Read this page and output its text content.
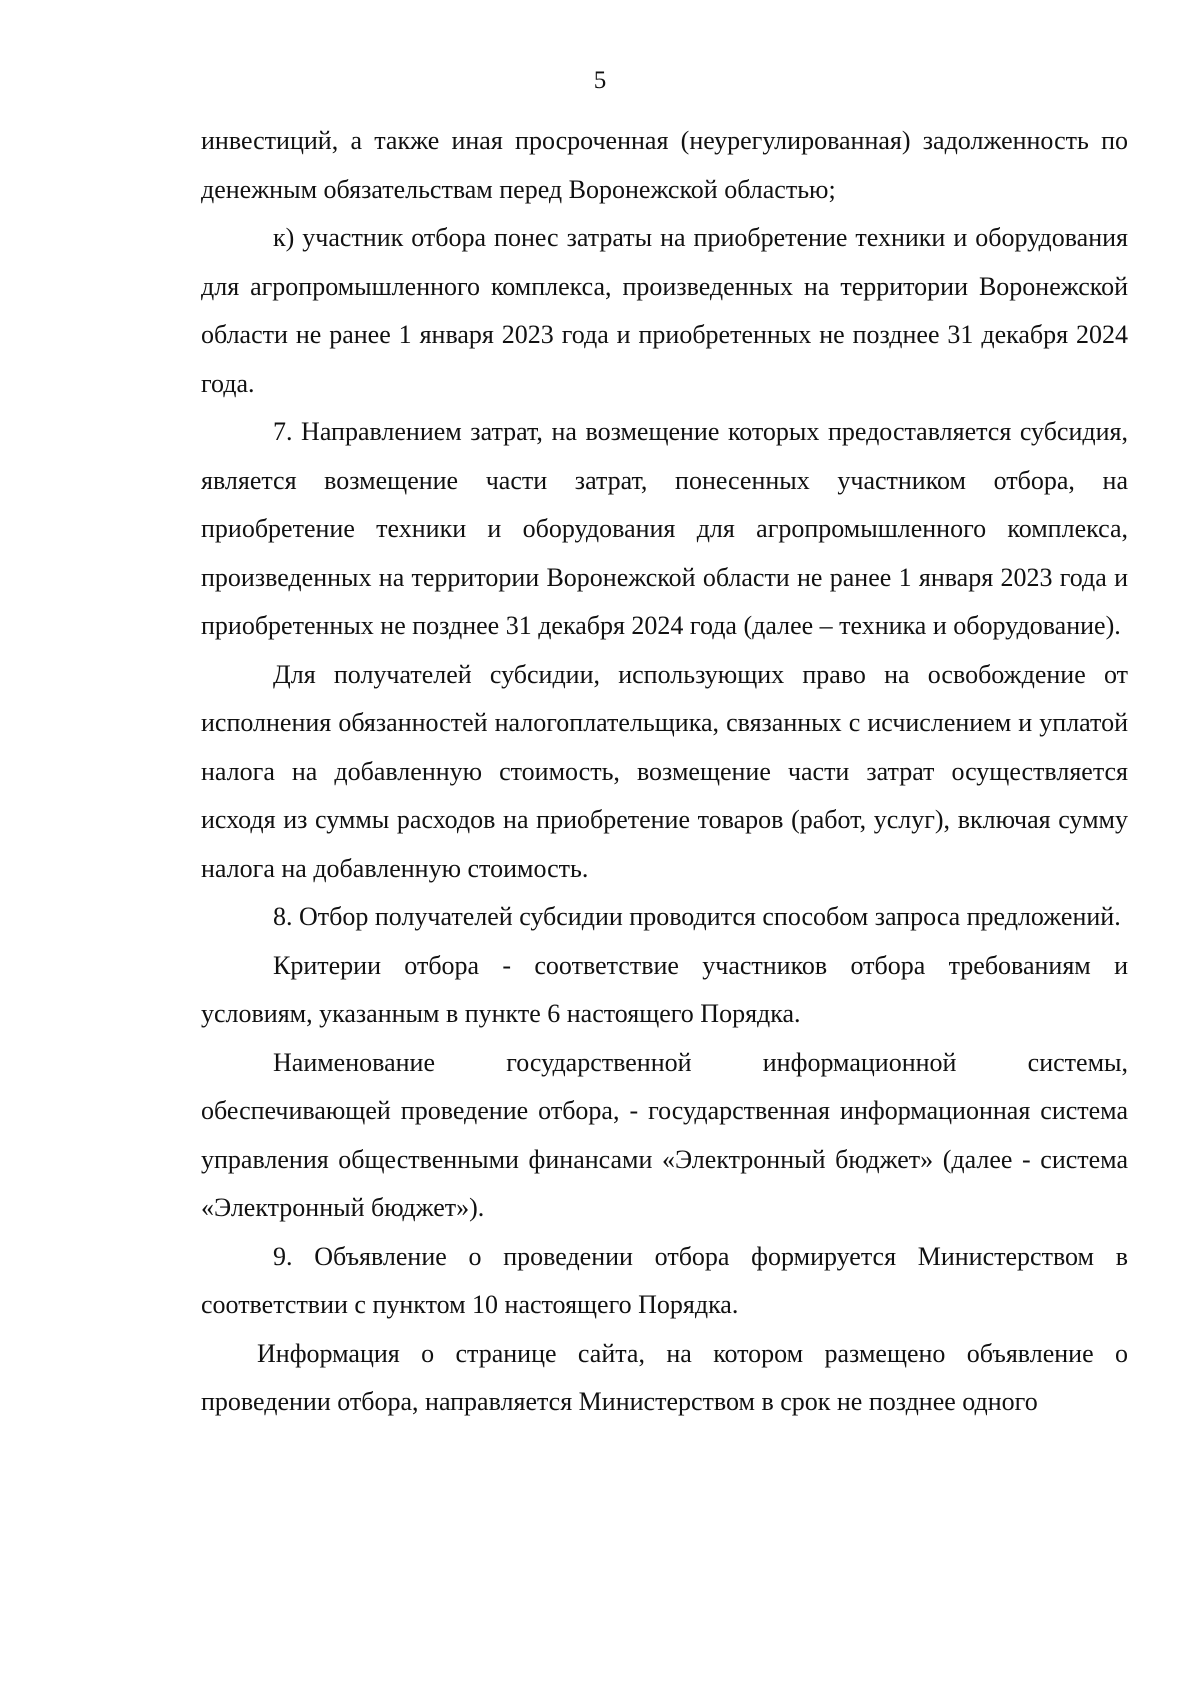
5

инвестиций, а также иная просроченная (неурегулированная) задолженность по денежным обязательствам перед Воронежской областью;

к) участник отбора понес затраты на приобретение техники и оборудования для агропромышленного комплекса, произведенных на территории Воронежской области не ранее 1 января 2023 года и приобретенных не позднее 31 декабря 2024 года.

7. Направлением затрат, на возмещение которых предоставляется субсидия, является возмещение части затрат, понесенных участником отбора, на приобретение техники и оборудования для агропромышленного комплекса, произведенных на территории Воронежской области не ранее 1 января 2023 года и приобретенных не позднее 31 декабря 2024 года (далее – техника и оборудование).

Для получателей субсидии, использующих право на освобождение от исполнения обязанностей налогоплательщика, связанных с исчислением и уплатой налога на добавленную стоимость, возмещение части затрат осуществляется исходя из суммы расходов на приобретение товаров (работ, услуг), включая сумму налога на добавленную стоимость.

8. Отбор получателей субсидии проводится способом запроса предложений.

Критерии отбора - соответствие участников отбора требованиям и условиям, указанным в пункте 6 настоящего Порядка.

Наименование государственной информационной системы, обеспечивающей проведение отбора, - государственная информационная система управления общественными финансами «Электронный бюджет» (далее - система «Электронный бюджет»).

9. Объявление о проведении отбора формируется Министерством в соответствии с пунктом 10 настоящего Порядка.

Информация о странице сайта, на котором размещено объявление о проведении отбора, направляется Министерством в срок не позднее одного
